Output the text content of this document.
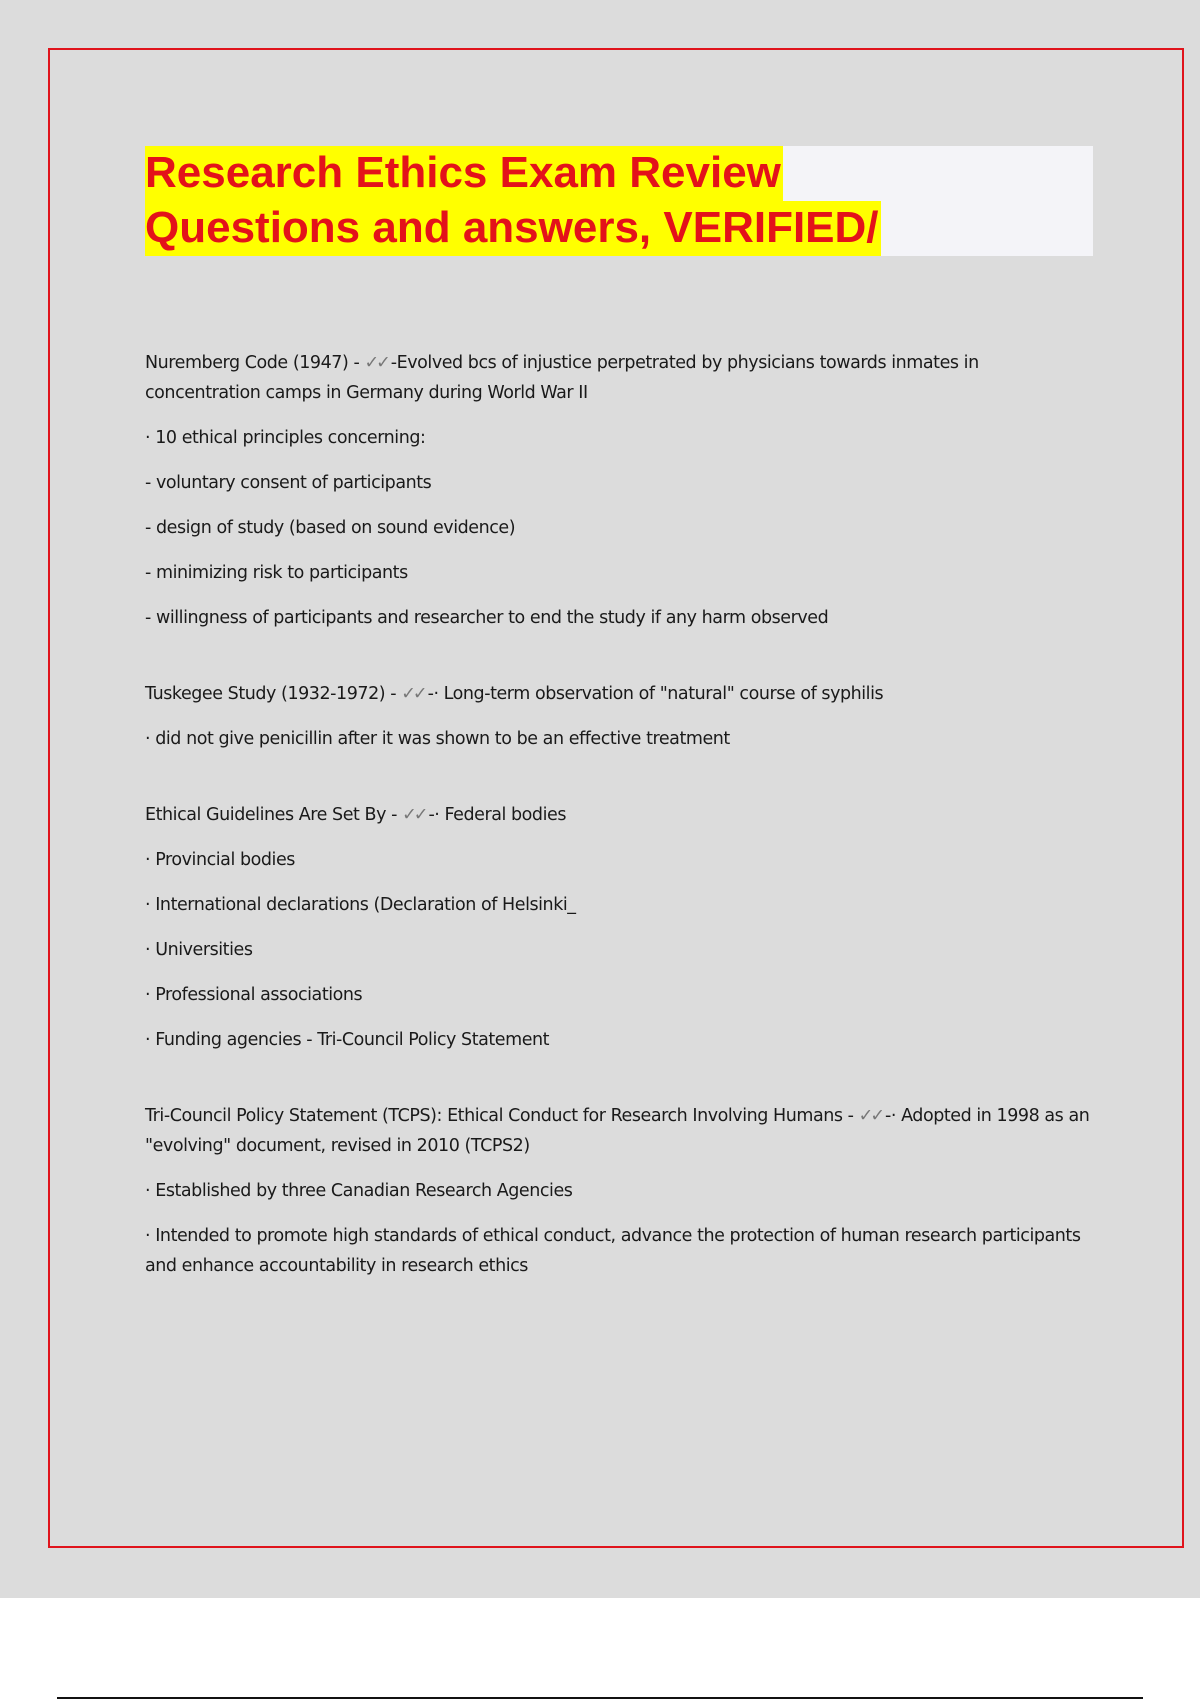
Research Ethics Exam Review
Questions and answers, VERIFIED/

Nuremberg Code (1947) - ✓✓ -Evolved bcs of injustice perpetrated by physicians towards inmates in concentration camps in Germany during World War II

· 10 ethical principles concerning:

- voluntary consent of participants

- design of study (based on sound evidence)

- minimizing risk to participants

- willingness of participants and researcher to end the study if any harm observed

Tuskegee Study (1932-1972) - ✓✓ -· Long-term observation of "natural" course of syphilis

· did not give penicillin after it was shown to be an effective treatment

Ethical Guidelines Are Set By - ✓✓ -· Federal bodies

· Provincial bodies

· International declarations (Declaration of Helsinki_

· Universities

· Professional associations

· Funding agencies - Tri-Council Policy Statement

Tri-Council Policy Statement (TCPS): Ethical Conduct for Research Involving Humans - ✓✓ -· Adopted in 1998 as an "evolving" document, revised in 2010 (TCPS2)

· Established by three Canadian Research Agencies

· Intended to promote high standards of ethical conduct, advance the protection of human research participants and enhance accountability in research ethics
